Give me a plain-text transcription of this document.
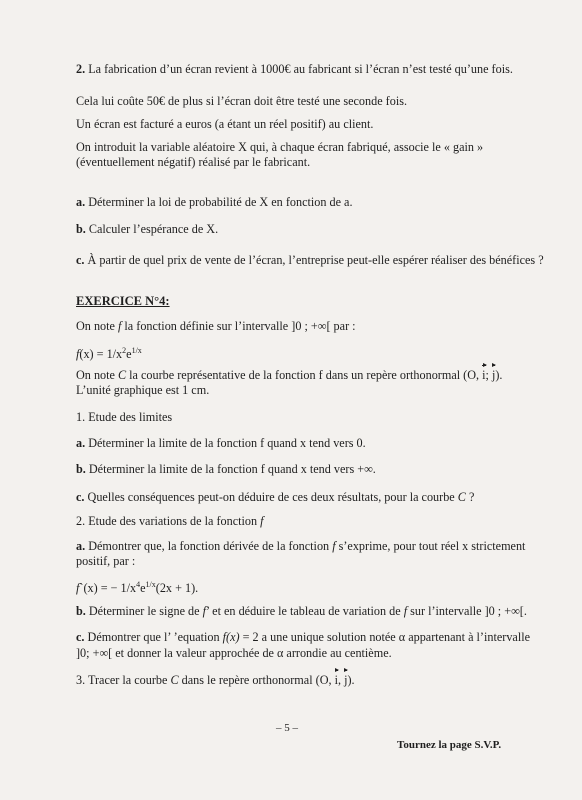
2. La fabrication d’un écran revient à 1000€ au fabricant si l’écran n’est testé qu’une fois.
Cela lui coûte 50€ de plus si l’écran doit être testé une seconde fois.
Un écran est facturé a euros (a étant un réel positif) au client.
On introduit la variable aléatoire X qui, à chaque écran fabriqué, associe le « gain »
(éventuellement négatif) réalisé par le fabricant.
a. Déterminer la loi de probabilité de X en fonction de a.
b. Calculer l’espérance de X.
c. À partir de quel prix de vente de l’écran, l’entreprise peut-elle espérer réaliser des bénéfices ?
EXERCICE N°4:
On note f la fonction définie sur l’intervalle ]0 ; +∞[ par :
$f(x) = 1/x^2e^{1/x}$
On note C la courbe représentative de la fonction f dans un repère orthonormal (O, i; j).
L’unité graphique est 1 cm.
1. Etude des limites
a. Déterminer la limite de la fonction f quand x tend vers 0.
b. Déterminer la limite de la fonction f quand x tend vers +∞.
c. Quelles conséquences peut-on déduire de ces deux résultats, pour la courbe C ?
2. Etude des variations de la fonction f
a. Démontrer que, la fonction dérivée de la fonction f s’exprime, pour tout réel x strictement
positif, par :
f`(x) = − $1/x^4e^{1/x}(2x + 1)$.
b. Déterminer le signe de f’ et en déduire le tableau de variation de f sur l’intervalle ]0 ; +∞[.
c. Démontrer que l’ ’equation f(x) = 2 a une unique solution notée α appartenant à l’intervalle
]0; +∞[ et donner la valeur approchée de α arrondie au centième.
3. Tracer la courbe C dans le repère orthonormal (O, i, j).
– 5 –
Tournez la page S.V.P.
